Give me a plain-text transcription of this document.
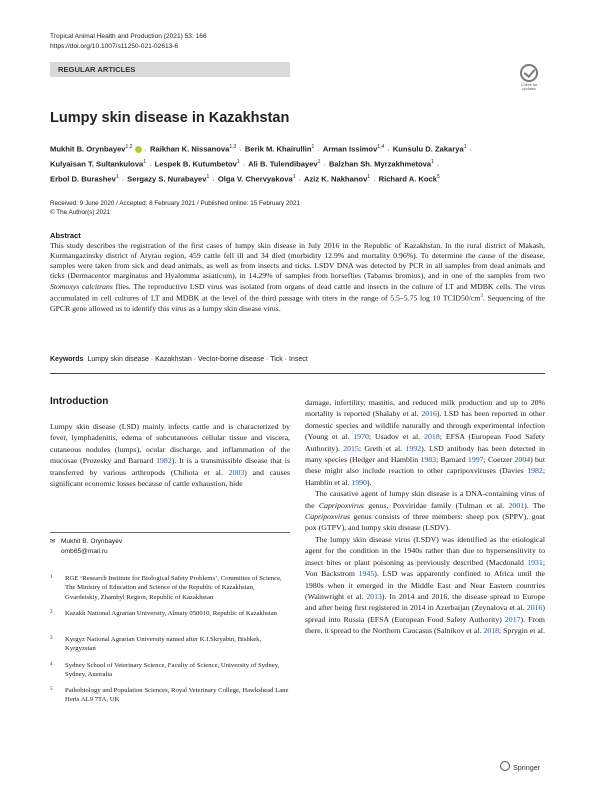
Tropical Animal Health and Production (2021) 53: 166
https://doi.org/10.1007/s11250-021-02613-6
REGULAR ARTICLES
Check for updates
Lumpy skin disease in Kazakhstan
Mukhit B. Orynbayev$^{1,2}$ · Raikhan K. Nissanova$^{1,3}$ · Berik M. Khairullin$^1$ · Arman Issimov$^{1,4}$ · Kunsulu D. Zakarya$^1$ ·
Kulyaisan T. Sultankulova$^1$ · Lespek B. Kutumbetov$^1$ · Ali B. Tulendibayev$^1$ · Balzhan Sh. Myrzakhmetova$^1$ ·
Erbol D. Burashev$^1$ · Sergazy S. Nurabayev$^1$ · Olga V. Chervyakova$^1$ · Aziz K. Nakhanov$^1$ · Richard A. Kock$^5$
Received: 9 June 2020 / Accepted: 8 February 2021 / Published online: 15 February 2021
© The Author(s) 2021
Abstract
This study describes the registration of the first cases of lumpy skin disease in July 2016 in the Republic of Kazakhstan. In the rural district of Makash, Kurmangazinsky district of Atyrau region, 459 cattle fell ill and 34 died (morbidity 12.9% and mortality 0.96%). To determine the cause of the disease, samples were taken from sick and dead animals, as well as from insects and ticks. LSDV DNA was detected by PCR in all samples from dead animals and ticks (Dermacentor marginatus and Hyalomma asiaticum), in 14.29% of samples from horseflies (Tabanus bromius), and in one of the samples from two Stomoxys calcitrans flies. The reproductive LSD virus was isolated from organs of dead cattle and insects in the culture of LT and MDBK cells. The virus accumulated in cell cultures of LT and MDBK at the level of the third passage with titers in the range of 5.5–5.75 log 10 $TCID50/cm^3$. Sequencing of the GPCR gene allowed us to identify this virus as a lumpy skin disease virus.
Keywords Lumpy skin disease · Kazakhstan · Vector-borne disease · Tick · Insect
Introduction

Lumpy skin disease (LSD) mainly infects cattle and is characterized by fever, lymphadenitis, edema of subcutaneous cellular tissue and viscera, cutaneous nodules (lumps), ocular discharge, and inflammation of the mucosae (Prozesky and Barnard 1982). It is a transmissible disease that is transferred by various arthropods (Chihota et al. 2003) and causes significant economic losses because of cattle exhaustion, hide

damage, infertility, mastitis, and reduced milk production and up to 20% mortality is reported (Shalaby et al. 2016). LSD has been reported in other domestic species and wildlife naturally and through experimental infection (Young et al. 1970; Usadov et al. 2018; EFSA (European Food Safety Authority). 2015; Greth et al. 1992). LSD antibody has been detected in many species (Hedger and Hamblin 1983; Barnard 1997; Coetzer 2004) but these might also include reaction to other capripoxviruses (Davies 1982; Hamblin et al. 1990).

The causative agent of lumpy skin disease is a DNA-containing virus of the Capripoxvirus genus, Poxviridae family (Tulman et al. 2001). The Capripoxvirus genus consists of three members: sheep pox (SPPV), goat pox (GTPV), and lumpy skin disease (LSDV).

The lumpy skin disease virus (LSDV) was identified as the etiological agent for the condition in the 1940s rather than due to hypersensitivity to insect bites or plant poisoning as previously described (Macdonald 1931; Von Backstrom 1945). LSD was apparently confined to Africa until the 1980s when it emerged in the Middle East and Near Eastern countries (Wainwright et al. 2013). In 2014 and 2016, the disease spread to Europe and after being first registered in 2014 in Azerbaijan (Zeynalova et al. 2016) spread into Russia (EFSA (European Food Safety Authority) 2017). From there, it spread to the Northern Caucasus (Salnikov et al. 2018; Sprygin et al.

✉ Mukhit B. Orynbayev
omb65@mail.ru
1 RGE ‘Research Institute for Biological Safety Problems’, Committee of Science, The Ministry of Education and Science of the Republic of Kazakhstan, Gvardeiskiy, Zhambyl Region, Republic of Kazakhstan
2 Kazakh National Agrarian University, Almaty 050010, Republic of Kazakhstan
3 Kyrgyz National Agrarian University named after K.I.Skryabin, Bishkek, Kyrgyzstan
4 Sydney School of Veterinary Science, Faculty of Science, University of Sydney, Sydney, Australia
5 Pathobiology and Population Sciences, Royal Veterinary College, Hawkshead Lane Herts AL9 7TA, UK
Springer
